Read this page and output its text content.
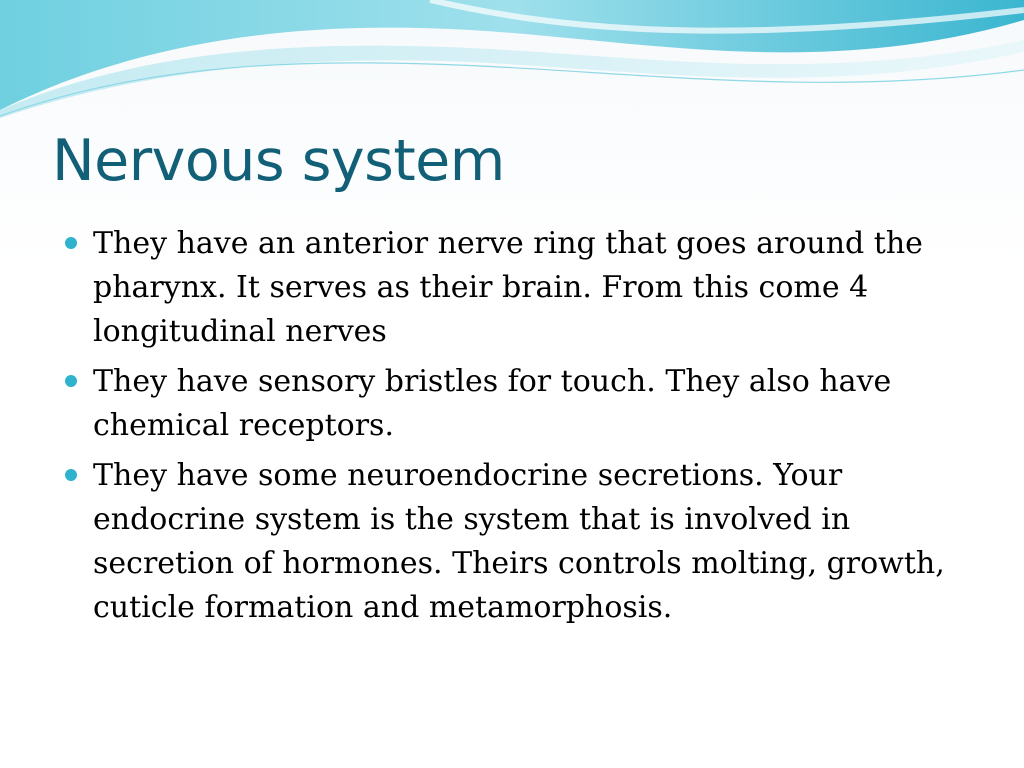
Nervous system
They have an anterior nerve ring that goes around the pharynx. It serves as their brain. From this come 4 longitudinal nerves
They have sensory bristles for touch. They also have chemical receptors.
They have some neuroendocrine secretions. Your endocrine system is the system that is involved in secretion of hormones. Theirs controls molting, growth, cuticle formation and metamorphosis.
